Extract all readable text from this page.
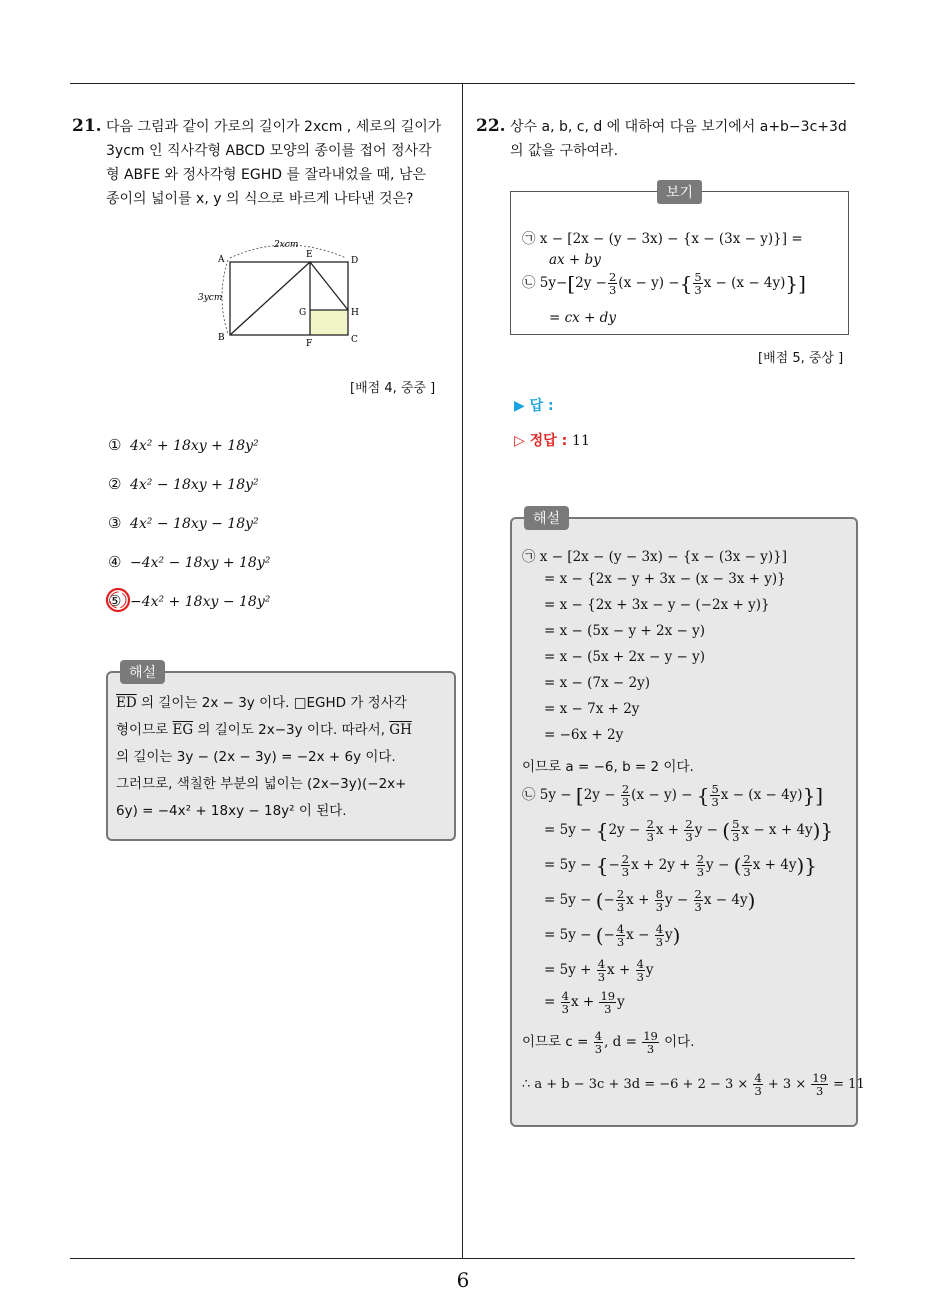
6
21. 다음 그림과 같이 가로의 길이가 2xcm , 세로의 길이가
3ycm 인 직사각형 ABCD 모양의 종이를 접어 정사각
형 ABFE 와 정사각형 EGHD 를 잘라내었을 때, 남은
종이의 넓이를 x, y 의 식으로 바르게 나타낸 것은?
2xcm
3ycm
A
B	C
D
E
F
G	H
[배점 4, 중중 ]
① 4x² + 18xy + 18y²
② 4x² − 18xy + 18y²
③ 4x² − 18xy − 18y²
④ −4x² − 18xy + 18y²
⑤ −4x² + 18xy − 18y²
해설
$\overline{ED}$ 의 길이는 2x − 3y 이다. □EGHD 가 정사각
형이므로 $\overline{EG}$ 의 길이도 2x−3y 이다. 따라서, $\overline{GH}$
의 길이는 3y − (2x − 3y) = −2x + 6y 이다.
그러므로, 색칠한 부분의 넓이는 (2x−3y)(−2x+
6y) = −4x² + 18xy − 18y² 이 된다.
22. 상수 a, b, c, d 에 대하여 다음 보기에서 a+b−3c+3d
의 값을 구하여라.
보기
㉠ x − [2x − (y − 3x) − {x − (3x − y)}] =
ax + by
㉡ $5y-[2y - \frac{2}{3} (x - y)$ −{ $\frac{5}{3}$ x − (x − 4y)}]
= cx + dy
[배점 5, 중상 ]
▶ 답 :
▷ 정답 : 11
해설
㉠ x − [2x − (y − 3x) − {x − (3x − y)}]
= x − {2x − y + 3x − (x − 3x + y)}
= x − {2x + 3x − y − (−2x + y)}
= x − (5x − y + 2x − y)
= x − (5x + 2x − y − y)
= x − (7x − 2y)
= x − 7x + 2y
= −6x + 2y
이므로 a = −6, b = 2 이다.
㉡ $5y - [2y - \frac{2}{3} (x - y)$ − { $\frac{5}{3}$ x − (x − 4y)}]
= $5y - \{2y - \frac{2}{3}$ $x + \frac{2}{3}$ y − ( $\frac{5}{3}$ x − x + 4y)}
= 5y − {− $\frac{2}{3}$ $x + 2y + \frac{2}{3}$ y − ( $\frac{2}{3}$ x + 4y)}
= 5y − (− $\frac{2}{3}$ $x + \frac{8}{3}$ $y - \frac{2}{3}$ x − 4y)
= 5y − (− $\frac{4}{3}$ $x - \frac{4}{3} y$)
= $5y + \frac{4}{3}$ $x + \frac{4}{3}$ y
= $\frac{4}{3}$ $x + \frac{19}{3}$ y
이므로 $c = \frac{4}{3}$ , $d = \frac{19}{3}$ 이다.
∴ $a + b - 3c + 3d = -6 + 2 - 3 \times \frac{4}{3} + 3 \times \frac{19}{3} = 11$
